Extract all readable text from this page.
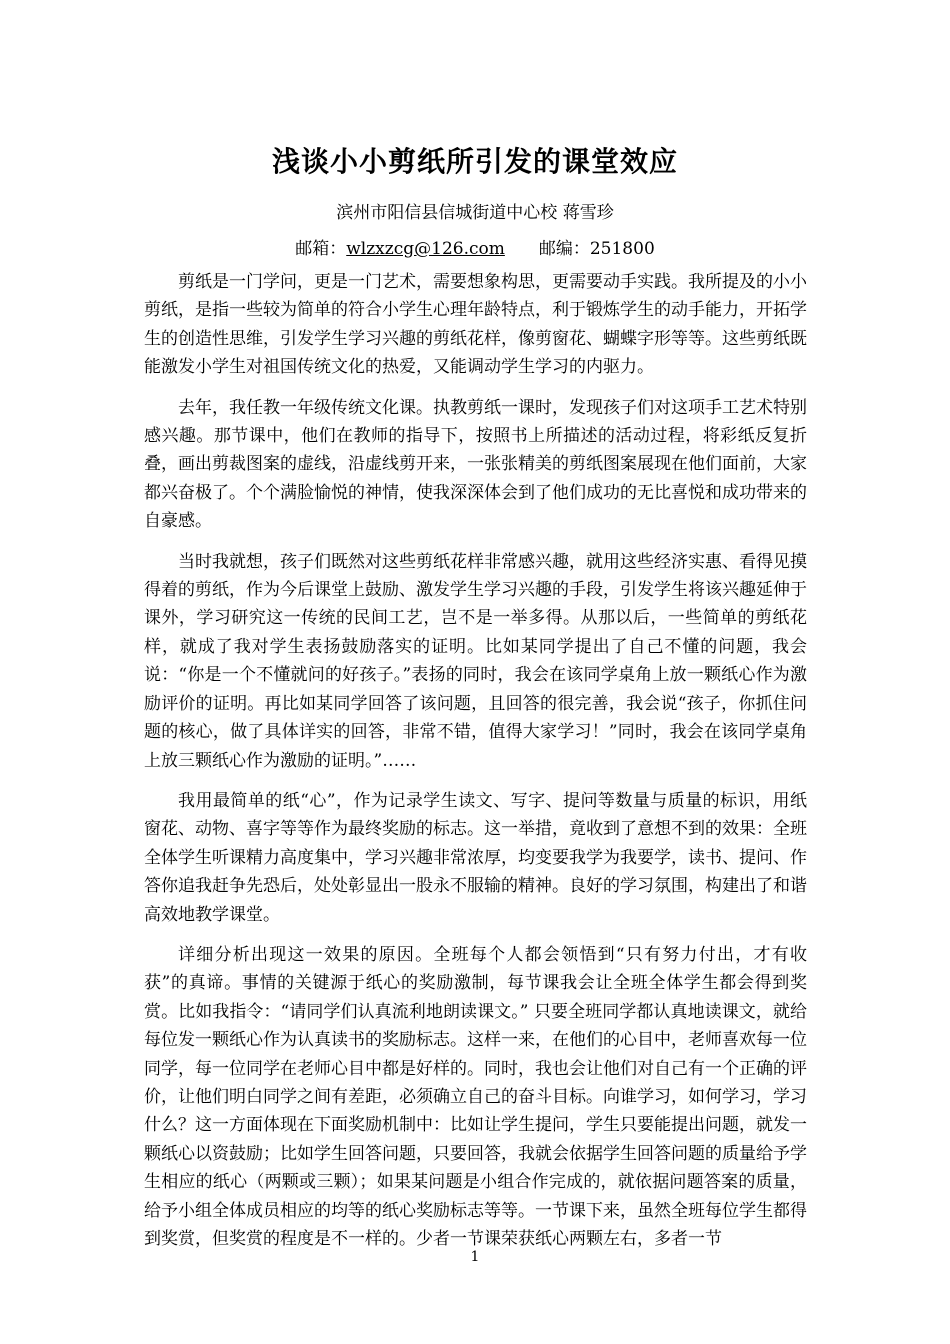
浅谈小小剪纸所引发的课堂效应
滨州市阳信县信城街道中心校 蒋雪珍
邮箱：wlzxzcg@126.com 邮编：251800

剪纸是一门学问，更是一门艺术，需要想象构思，更需要动手实践。我所提及的小小剪纸，是指一些较为简单的符合小学生心理年龄特点，利于锻炼学生的动手能力，开拓学生的创造性思维，引发学生学习兴趣的剪纸花样，像剪窗花、蝴蝶字形等等。这些剪纸既能激发小学生对祖国传统文化的热爱，又能调动学生学习的内驱力。

去年，我任教一年级传统文化课。执教剪纸一课时，发现孩子们对这项手工艺术特别感兴趣。那节课中，他们在教师的指导下，按照书上所描述的活动过程，将彩纸反复折叠，画出剪裁图案的虚线，沿虚线剪开来，一张张精美的剪纸图案展现在他们面前，大家都兴奋极了。个个满脸愉悦的神情，使我深深体会到了他们成功的无比喜悦和成功带来的自豪感。

当时我就想，孩子们既然对这些剪纸花样非常感兴趣，就用这些经济实惠、看得见摸得着的剪纸，作为今后课堂上鼓励、激发学生学习兴趣的手段，引发学生将该兴趣延伸于课外，学习研究这一传统的民间工艺，岂不是一举多得。从那以后，一些简单的剪纸花样，就成了我对学生表扬鼓励落实的证明。比如某同学提出了自己不懂的问题，我会说：“你是一个不懂就问的好孩子。”表扬的同时，我会在该同学桌角上放一颗纸心作为激励评价的证明。再比如某同学回答了该问题，且回答的很完善，我会说“孩子，你抓住问题的核心，做了具体详实的回答，非常不错，值得大家学习！”同时，我会在该同学桌角上放三颗纸心作为激励的证明。”……

我用最简单的纸“心”，作为记录学生读文、写字、提问等数量与质量的标识，用纸窗花、动物、喜字等等作为最终奖励的标志。这一举措，竟收到了意想不到的效果：全班全体学生听课精力高度集中，学习兴趣非常浓厚，均变要我学为我要学，读书、提问、作答你追我赶争先恐后，处处彰显出一股永不服输的精神。良好的学习氛围，构建出了和谐高效地教学课堂。

详细分析出现这一效果的原因。全班每个人都会领悟到“只有努力付出，才有收获”的真谛。事情的关键源于纸心的奖励激制，每节课我会让全班全体学生都会得到奖赏。比如我指令：“请同学们认真流利地朗读课文。” 只要全班同学都认真地读课文，就给每位发一颗纸心作为认真读书的奖励标志。这样一来，在他们的心目中，老师喜欢每一位同学，每一位同学在老师心目中都是好样的。同时，我也会让他们对自己有一个正确的评价，让他们明白同学之间有差距，必须确立自己的奋斗目标。向谁学习，如何学习，学习什么？这一方面体现在下面奖励机制中：比如让学生提问，学生只要能提出问题，就发一颗纸心以资鼓励；比如学生回答问题，只要回答，我就会依据学生回答问题的质量给予学生相应的纸心（两颗或三颗）；如果某问题是小组合作完成的，就依据问题答案的质量，给予小组全体成员相应的均等的纸心奖励标志等等。一节课下来，虽然全班每位学生都得到奖赏，但奖赏的程度是不一样的。少者一节课荣获纸心两颗左右，多者一节

1
